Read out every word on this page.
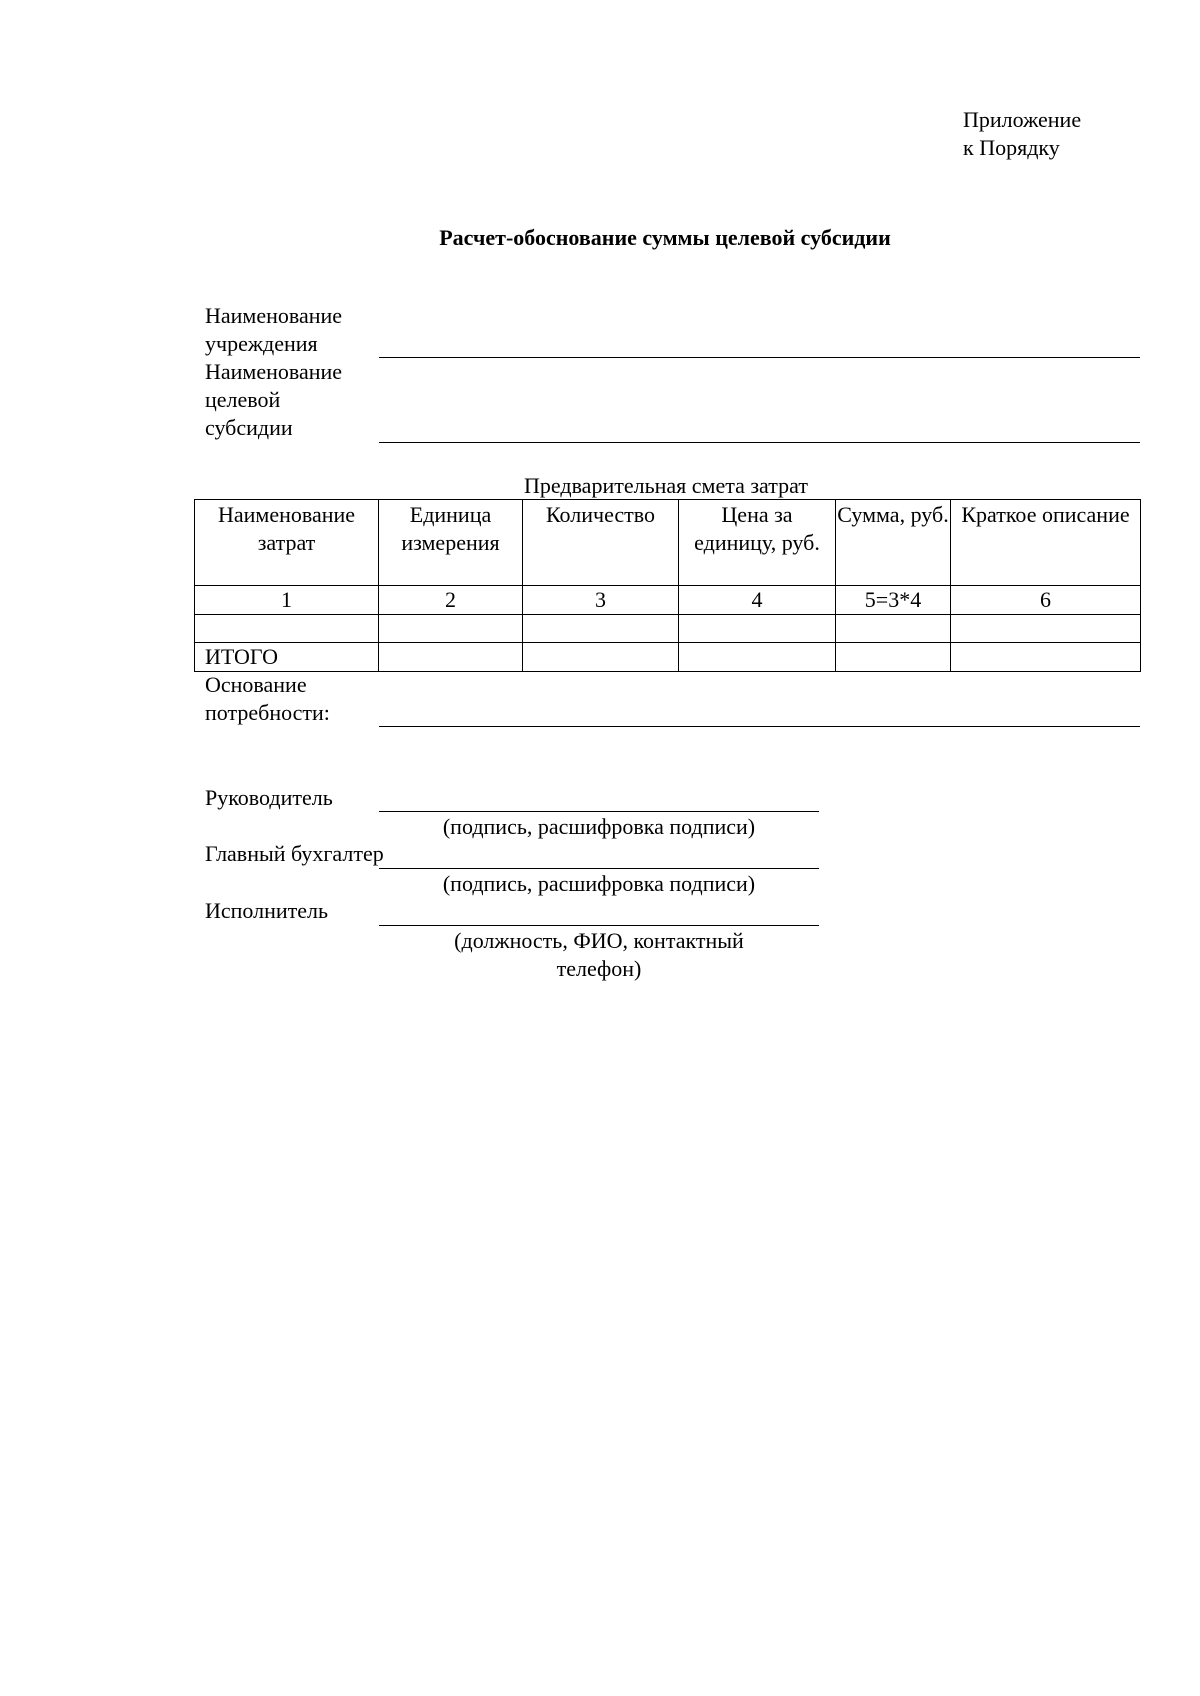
Приложение
к Порядку
Расчет-обоснование суммы целевой субсидии
Наименование
учреждения
Наименование
целевой
субсидии
Предварительная смета затрат
Наименование затрат	Единица измерения	Количество	Цена за единицу, руб.	Сумма, руб.	Краткое описание
1	2	3	4	5=3*4	6

ИТОГО					
Основание
потребности:
Руководитель
(подпись, расшифровка подписи)
Главный бухгалтер
(подпись, расшифровка подписи)
Исполнитель
(должность, ФИО, контактный
телефон)
